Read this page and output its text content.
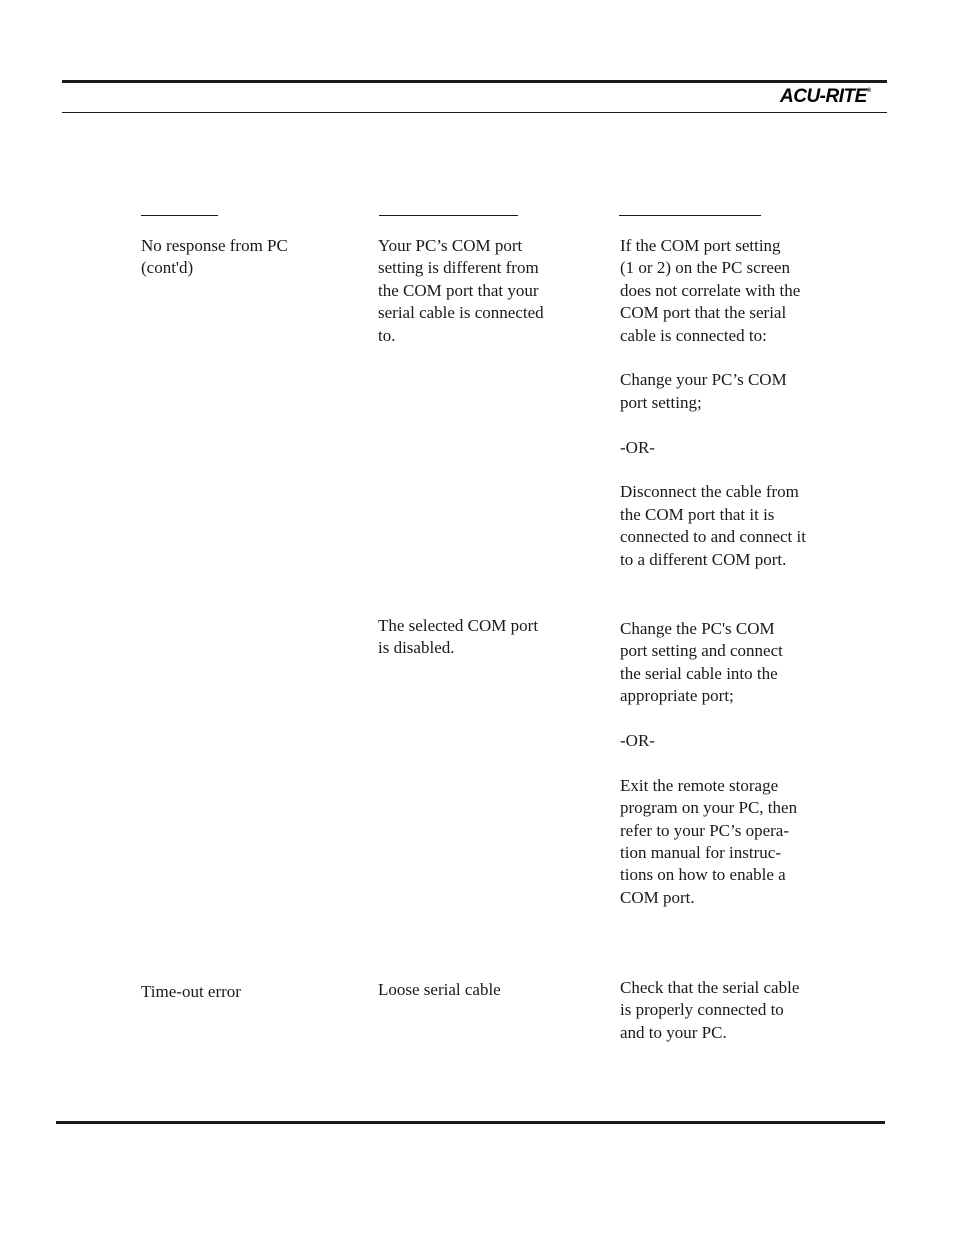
ACU-RITE®

No response from PC
(cont'd)

Your PC’s COM port
setting is different from
the COM port that your
serial cable is connected
to.

If the COM port setting
(1 or 2) on the PC screen
does not correlate with the
COM port that the serial
cable is connected to:

Change your PC’s COM
port setting;

-OR-

Disconnect the cable from
the COM port that it is
connected to and connect it
to a different COM port.

The selected COM port
is disabled.

Change the PC's COM
port setting and connect
the serial cable into the
appropriate port;

-OR-

Exit the remote storage
program on your PC, then
refer to your PC’s opera-
tion manual for instruc-
tions on how to enable a
COM port.

Time-out error	Loose serial cable	Check that the serial cable
is properly connected to
and to your PC.
